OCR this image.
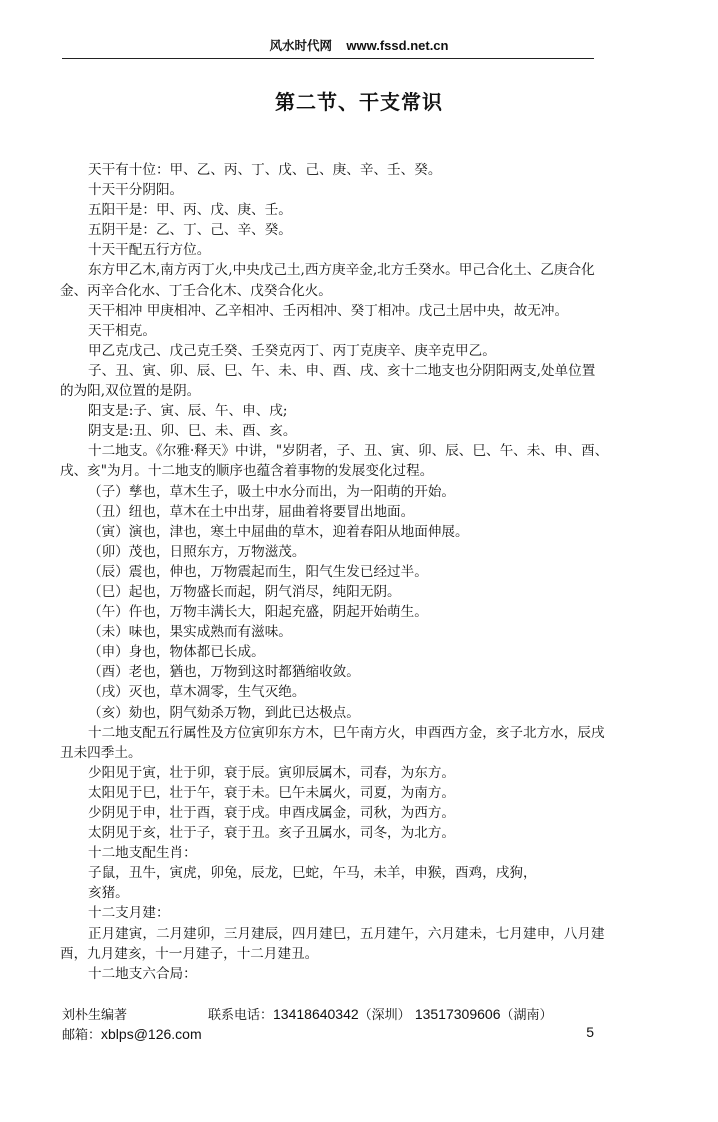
风水时代网 www.fssd.net.cn
第二节、干支常识
天干有十位：甲、乙、丙、丁、戊、己、庚、辛、壬、癸。
十天干分阴阳。
五阳干是：甲、丙、戊、庚、壬。
五阴干是：乙、丁、己、辛、癸。
十天干配五行方位。
东方甲乙木,南方丙丁火,中央戊己土,西方庚辛金,北方壬癸水。甲己合化土、乙庚合化
金、丙辛合化水、丁壬合化木、戊癸合化火。
天干相冲 甲庚相冲、乙辛相冲、壬丙相冲、癸丁相冲。戊己土居中央，故无冲。
天干相克。
甲乙克戊己、戊己克壬癸、壬癸克丙丁、丙丁克庚辛、庚辛克甲乙。
子、丑、寅、卯、辰、巳、午、未、申、酉、戌、亥十二地支也分阴阳两支,处单位置
的为阳,双位置的是阴。
阳支是:子、寅、辰、午、申、戌;
阴支是:丑、卯、巳、未、酉、亥。
十二地支。《尔雅·释天》中讲，"岁阴者，子、丑、寅、卯、辰、巳、午、未、申、酉、
戌、亥"为月。十二地支的顺序也蕴含着事物的发展变化过程。
（子）孳也，草木生子，吸土中水分而出，为一阳萌的开始。
（丑）纽也，草木在土中出芽，屈曲着将要冒出地面。
（寅）演也，津也，寒土中屈曲的草木，迎着春阳从地面伸展。
（卯）茂也，日照东方，万物滋茂。
（辰）震也，伸也，万物震起而生，阳气生发已经过半。
（巳）起也，万物盛长而起，阴气消尽，纯阳无阴。
（午）仵也，万物丰满长大，阳起充盛，阴起开始萌生。
（未）味也，果实成熟而有滋味。
（申）身也，物体都已长成。
（酉）老也，猶也，万物到这时都猶缩收敛。
（戌）灭也，草木凋零，生气灭绝。
（亥）劾也，阴气劾杀万物，到此已达极点。
十二地支配五行属性及方位寅卯东方木，巳午南方火，申酉西方金，亥子北方水，辰戌
丑未四季土。
少阳见于寅，壮于卯，衰于辰。寅卯辰属木，司春，为东方。
太阳见于巳，壮于午，衰于未。巳午未属火，司夏，为南方。
少阴见于申，壮于酉，衰于戌。申酉戌属金，司秋，为西方。
太阴见于亥，壮于子，衰于丑。亥子丑属水，司冬，为北方。
十二地支配生肖：
子鼠，丑牛，寅虎，卯兔，辰龙，巳蛇，午马，未羊，申猴，酉鸡，戌狗，
亥猪。
十二支月建：
正月建寅，二月建卯，三月建辰，四月建巳，五月建午，六月建未，七月建申，八月建
酉，九月建亥，十一月建子，十二月建丑。
十二地支六合局：
刘朴生编著	联系电话：13418640342（深圳） 13517309606（湖南）
邮箱：xblps@126.com	5
